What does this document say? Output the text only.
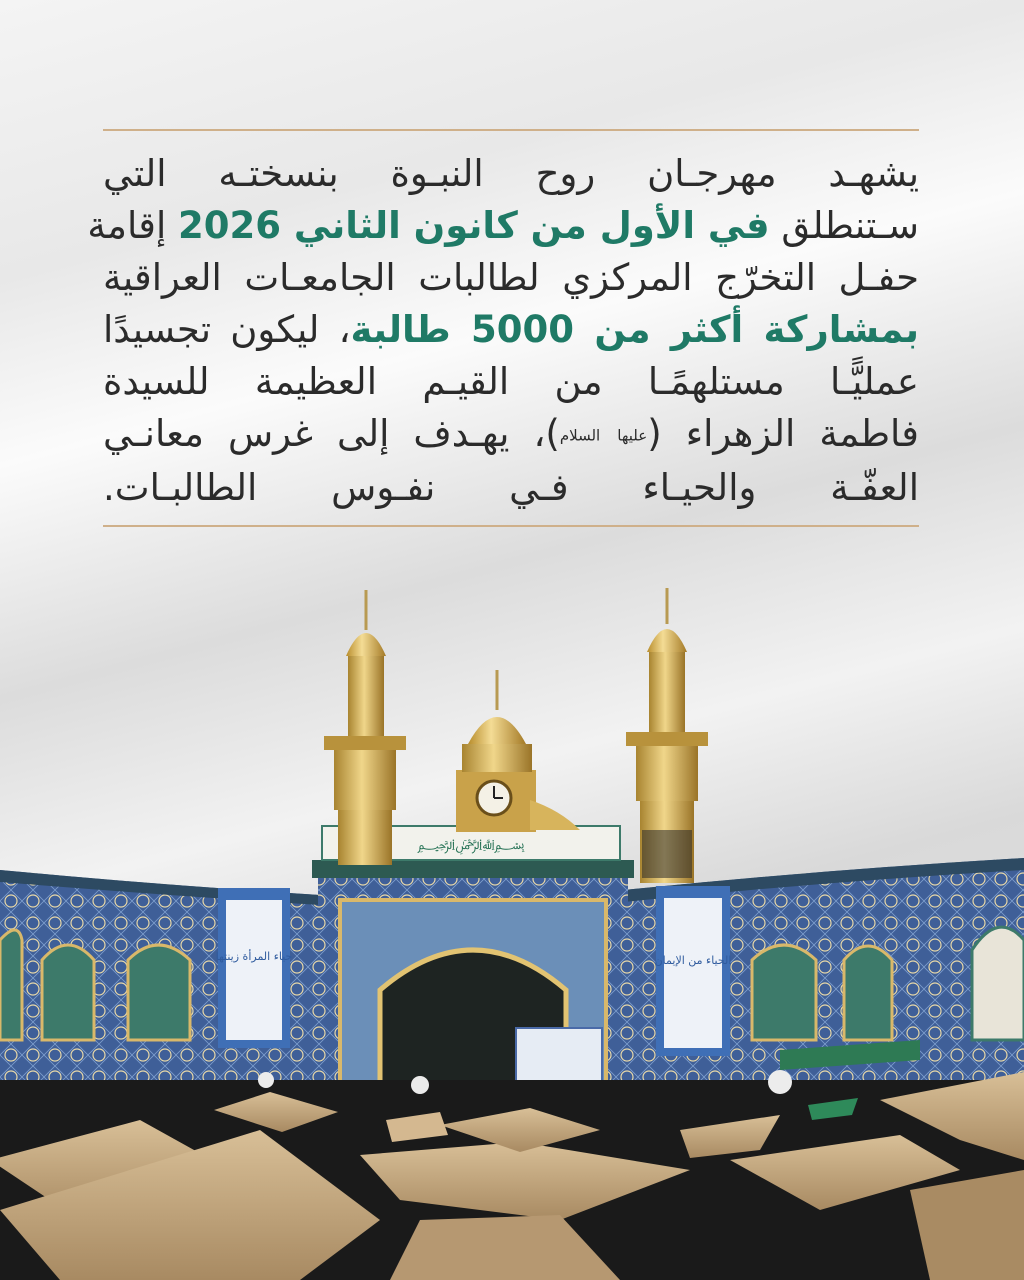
يشهـد مهرجـان روح النبـوة بنسختـه التي
سـتنطلق في الأول من كانون الثاني 2026 إقامة
حفـل التخرّج المركزي لطالبات الجامعـات العراقية
بمشاركة أكثر من 5000 طالبة، ليكون تجسيدًا
عمليًّـا مستلهمًـا من القيـم العظيمة للسيدة
فاطمة الزهراء (عليها السلام)، يهـدف إلى غرس معانـي
العفّـة والحيـاء فـي نفـوس الطالبـات.
﷽
حياء المرأة زينتها	الحياء من الإيمان
